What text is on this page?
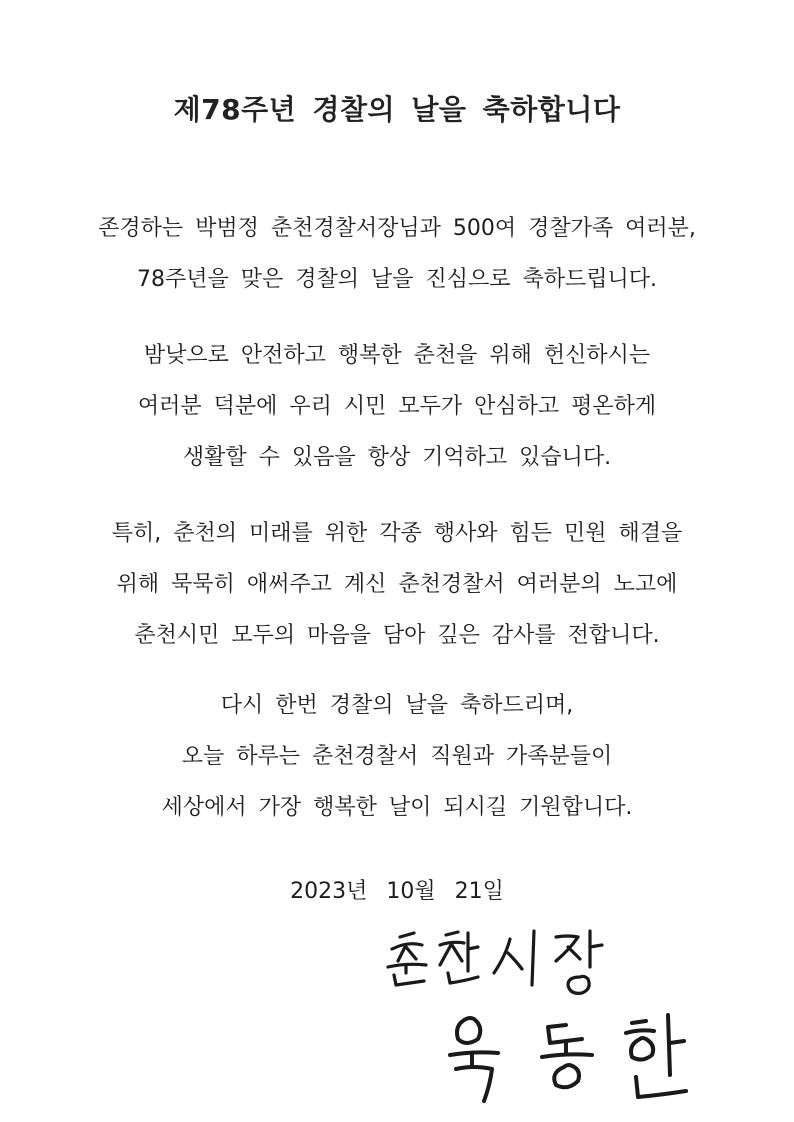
제78주년 경찰의 날을 축하합니다
존경하는 박범정 춘천경찰서장님과 500여 경찰가족 여러분,
78주년을 맞은 경찰의 날을 진심으로 축하드립니다.
밤낮으로 안전하고 행복한 춘천을 위해 헌신하시는
여러분 덕분에 우리 시민 모두가 안심하고 평온하게
생활할 수 있음을 항상 기억하고 있습니다.
특히, 춘천의 미래를 위한 각종 행사와 힘든 민원 해결을
위해 묵묵히 애써주고 계신 춘천경찰서 여러분의 노고에
춘천시민 모두의 마음을 담아 깊은 감사를 전합니다.
다시 한번 경찰의 날을 축하드리며,
오늘 하루는 춘천경찰서 직원과 가족분들이
세상에서 가장 행복한 날이 되시길 기원합니다.
2023년 10월 21일
